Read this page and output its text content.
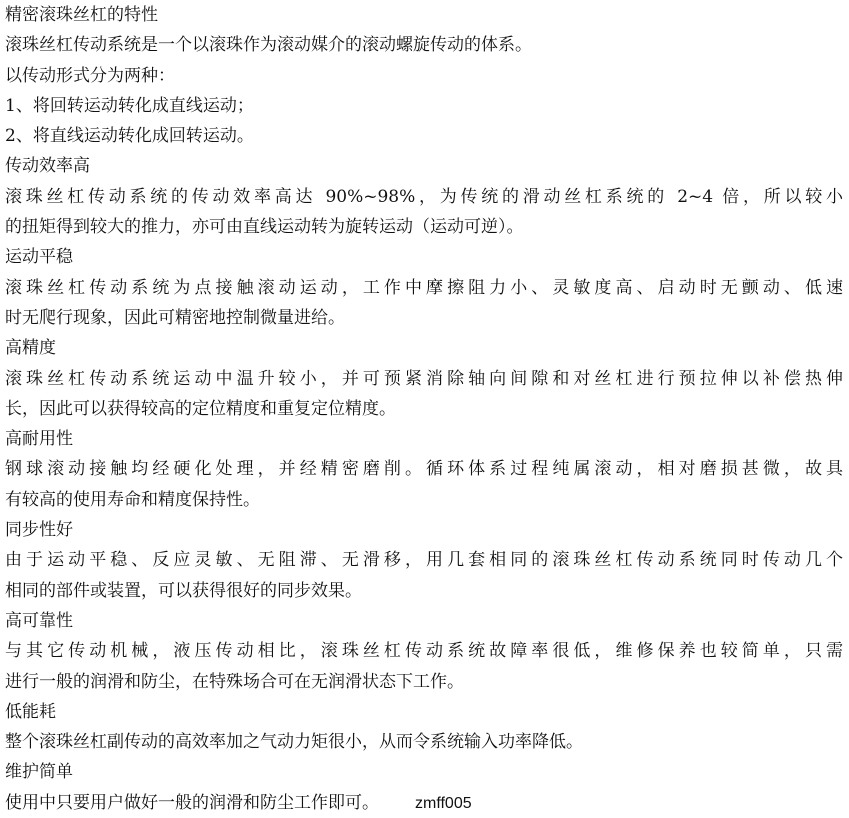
精密滚珠丝杠的特性
滚珠丝杠传动系统是一个以滚珠作为滚动媒介的滚动螺旋传动的体系。
以传动形式分为两种：
1、将回转运动转化成直线运动；
2、将直线运动转化成回转运动。
传动效率高
滚珠丝杠传动系统的传动效率高达 90%~98%，为传统的滑动丝杠系统的 2~4 倍，所以较小
的扭矩得到较大的推力，亦可由直线运动转为旋转运动（运动可逆）。
运动平稳
滚珠丝杠传动系统为点接触滚动运动，工作中摩擦阻力小、灵敏度高、启动时无颤动、低速
时无爬行现象，因此可精密地控制微量进给。
高精度
滚珠丝杠传动系统运动中温升较小，并可预紧消除轴向间隙和对丝杠进行预拉伸以补偿热伸
长，因此可以获得较高的定位精度和重复定位精度。
高耐用性
钢球滚动接触均经硬化处理，并经精密磨削。循环体系过程纯属滚动，相对磨损甚微，故具
有较高的使用寿命和精度保持性。
同步性好
由于运动平稳、反应灵敏、无阻滞、无滑移，用几套相同的滚珠丝杠传动系统同时传动几个
相同的部件或装置，可以获得很好的同步效果。
高可靠性
与其它传动机械，液压传动相比，滚珠丝杠传动系统故障率很低，维修保养也较简单，只需
进行一般的润滑和防尘，在特殊场合可在无润滑状态下工作。
低能耗
整个滚珠丝杠副传动的高效率加之气动力矩很小，从而令系统输入功率降低。
维护简单
使用中只要用户做好一般的润滑和防尘工作即可。 zmff005
